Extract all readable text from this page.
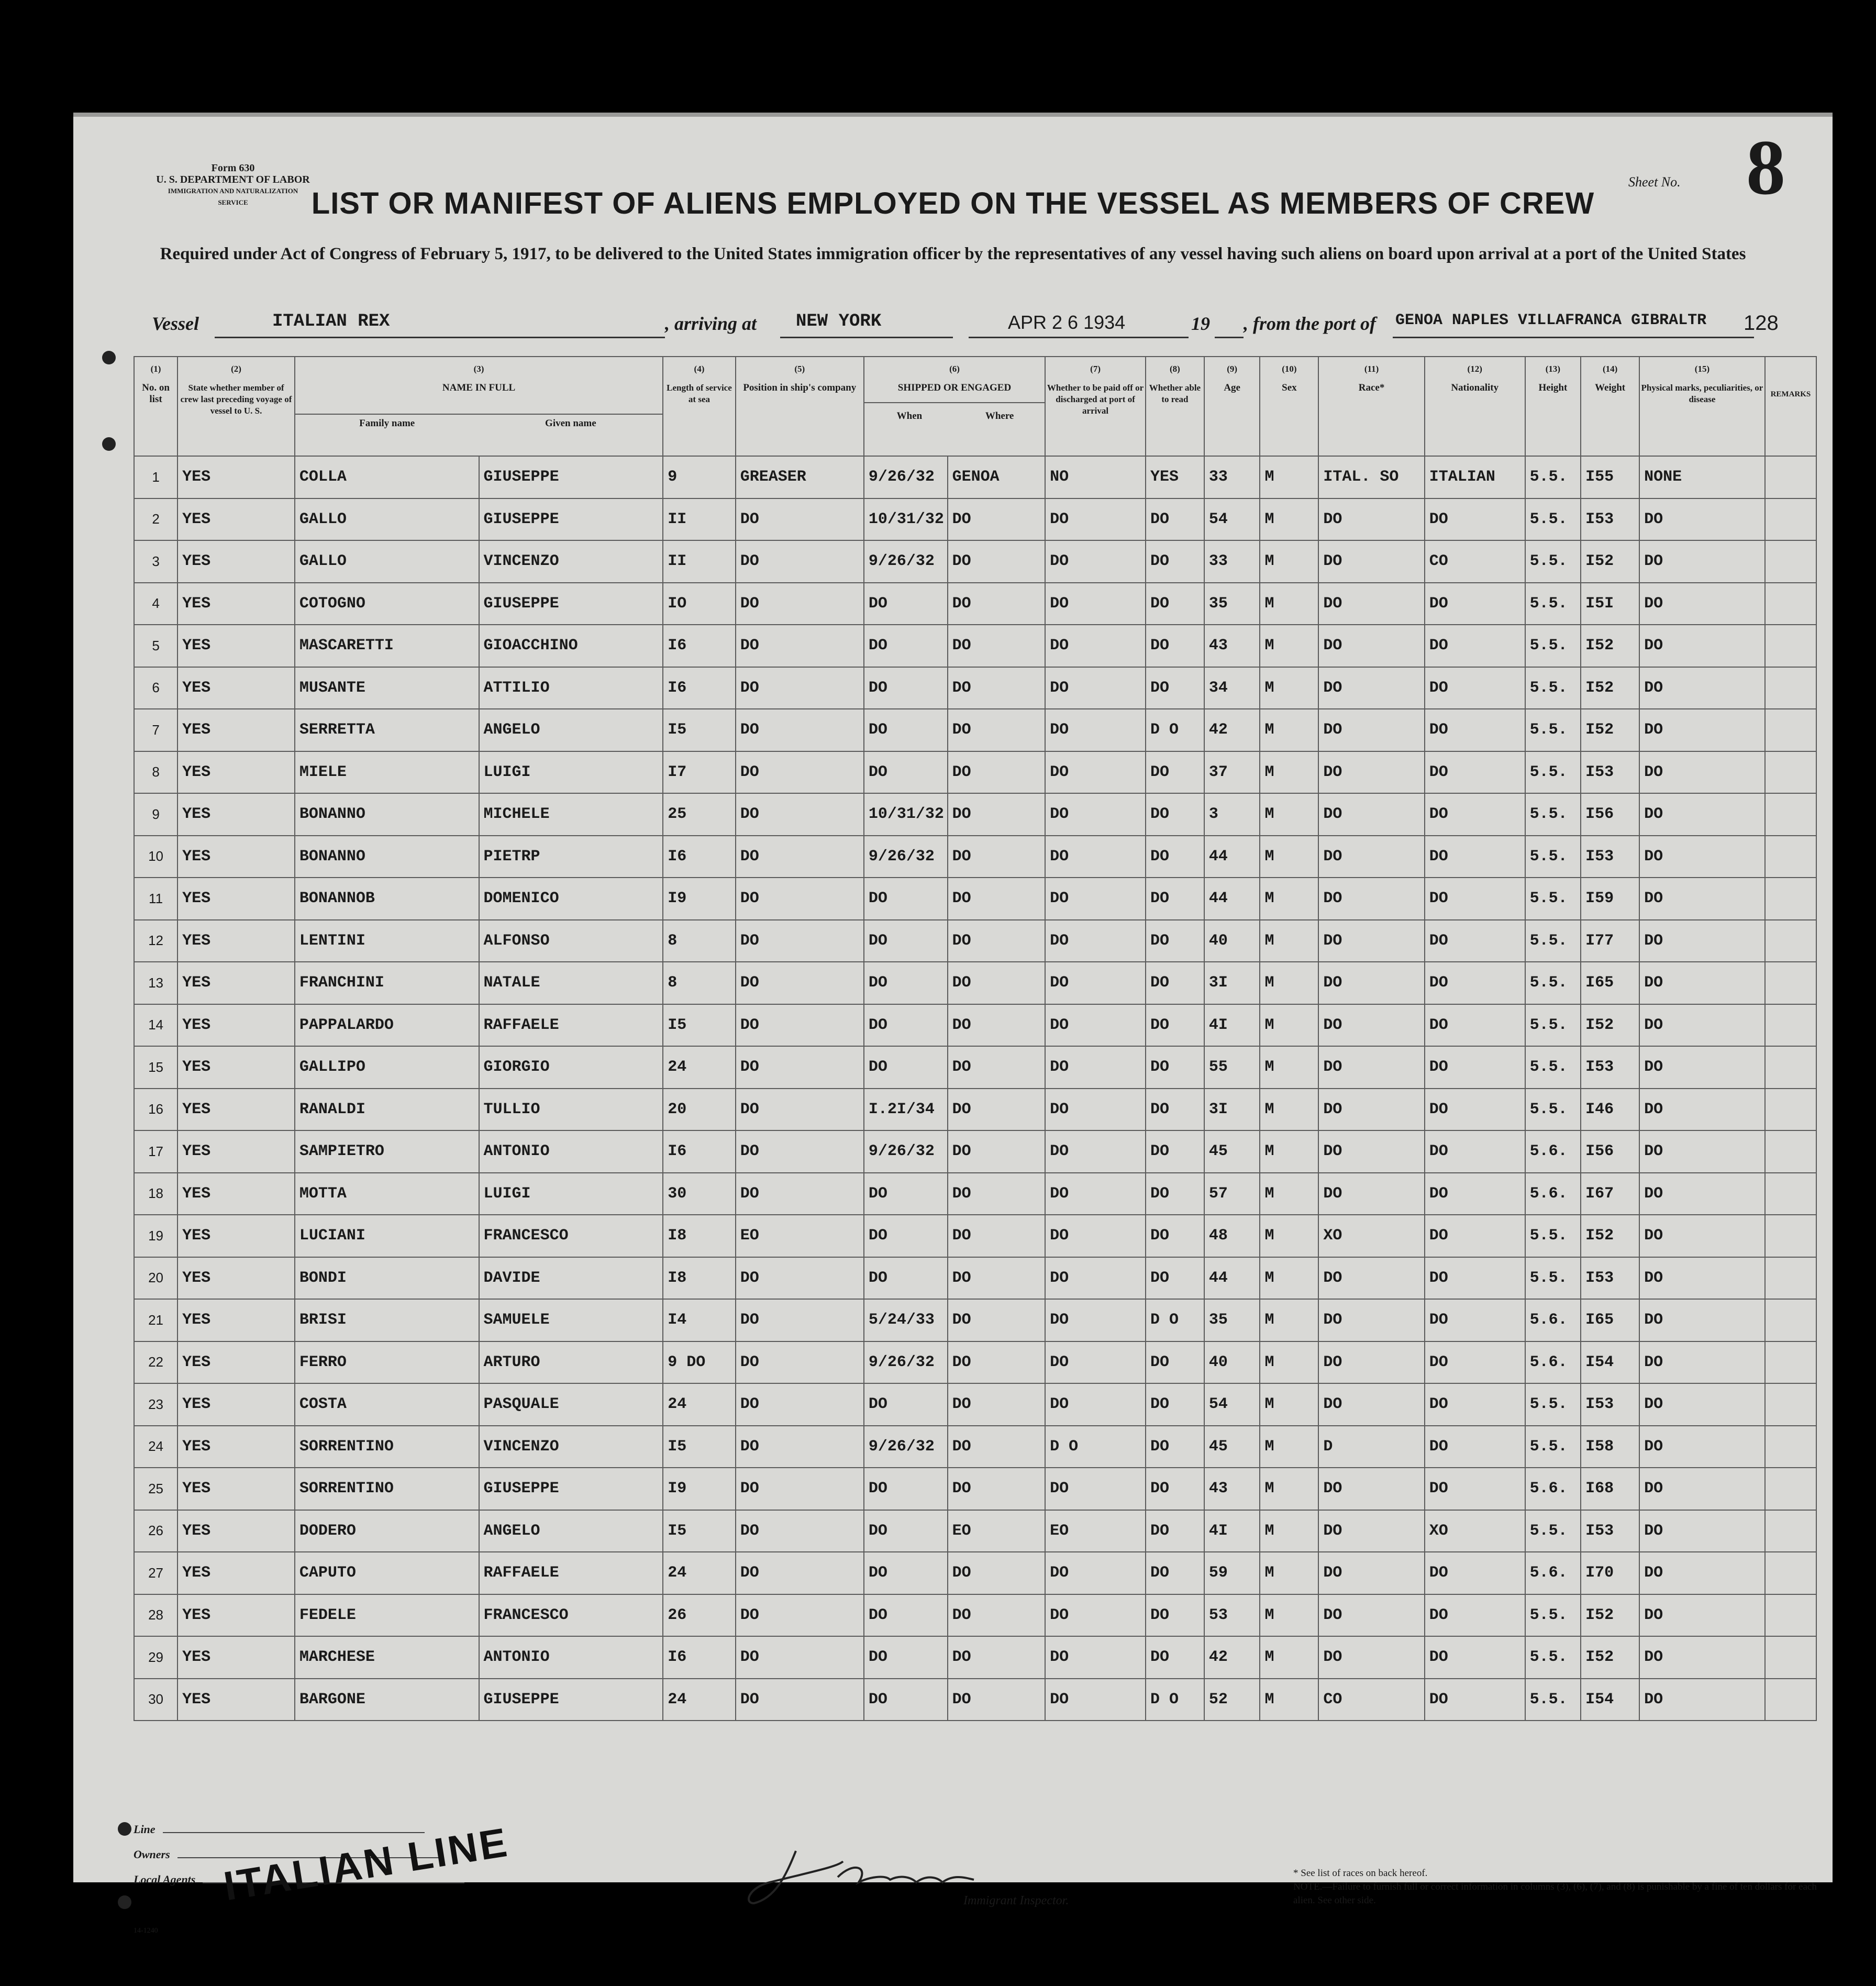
Form 630
U. S. DEPARTMENT OF LABOR
IMMIGRATION AND NATURALIZATION SERVICE
Sheet No. 8
LIST OR MANIFEST OF ALIENS EMPLOYED ON THE VESSEL AS MEMBERS OF CREW
Required under Act of Congress of February 5, 1917, to be delivered to the United States immigration officer by the representatives of any vessel having such aliens on board upon arrival at a port of the United States
Vessel	ITALIAN REX	, arriving at NEW YORK	APR 2 6 1934	19 , from the port of GENOA NAPLES VILLAFRANCA GIBRALTR 128
(1)
No. on list	(2)
State whether member of crew last preceding voyage of vessel to U. S.	(3)
NAME IN FULL
Family name Given name		(4)
Length of service at sea	(5)
Position in ship's company	(6)
SHIPPED OR ENGAGED
When Where		(7)
Whether to be paid off or discharged at port of arrival	(8)
Whether able to read	(9)
Age	(10)
Sex	(11)
Race*	(12)
Nationality	(13)
Height	(14)
Weight	(15)
Physical marks, peculiarities, or disease	REMARKS

1	YES	COLLA	GIUSEPPE	9	GREASER	9/26/32	GENOA	NO	YES	33	M	ITAL. SO	ITALIAN	5.5.	I55	NONE	
2	YES	GALLO	GIUSEPPE	II	DO	10/31/32	DO	DO	DO	54	M	DO	DO	5.5.	I53	DO	
3	YES	GALLO	VINCENZO	II	DO	9/26/32	DO	DO	DO	33	M	DO	CO	5.5.	I52	DO	
4	YES	COTOGNO	GIUSEPPE	IO	DO	DO	DO	DO	DO	35	M	DO	DO	5.5.	I5I	DO	
5	YES	MASCARETTI	GIOACCHINO	I6	DO	DO	DO	DO	DO	43	M	DO	DO	5.5.	I52	DO	
6	YES	MUSANTE	ATTILIO	I6	DO	DO	DO	DO	DO	34	M	DO	DO	5.5.	I52	DO	
7	YES	SERRETTA	ANGELO	I5	DO	DO	DO	DO	D O	42	M	DO	DO	5.5.	I52	DO	
8	YES	MIELE	LUIGI	I7	DO	DO	DO	DO	DO	37	M	DO	DO	5.5.	I53	DO	
9	YES	BONANNO	MICHELE	25	DO	10/31/32	DO	DO	DO	3	M	DO	DO	5.5.	I56	DO	
10	YES	BONANNO	PIETRP	I6	DO	9/26/32	DO	DO	DO	44	M	DO	DO	5.5.	I53	DO	
11	YES	BONANNOB	DOMENICO	I9	DO	DO	DO	DO	DO	44	M	DO	DO	5.5.	I59	DO	
12	YES	LENTINI	ALFONSO	8	DO	DO	DO	DO	DO	40	M	DO	DO	5.5.	I77	DO	
13	YES	FRANCHINI	NATALE	8	DO	DO	DO	DO	DO	3I	M	DO	DO	5.5.	I65	DO	
14	YES	PAPPALARDO	RAFFAELE	I5	DO	DO	DO	DO	DO	4I	M	DO	DO	5.5.	I52	DO	
15	YES	GALLIPO	GIORGIO	24	DO	DO	DO	DO	DO	55	M	DO	DO	5.5.	I53	DO	
16	YES	RANALDI	TULLIO	20	DO	I.2I/34	DO	DO	DO	3I	M	DO	DO	5.5.	I46	DO	
17	YES	SAMPIETRO	ANTONIO	I6	DO	9/26/32	DO	DO	DO	45	M	DO	DO	5.6.	I56	DO	
18	YES	MOTTA	LUIGI	30	DO	DO	DO	DO	DO	57	M	DO	DO	5.6.	I67	DO	
19	YES	LUCIANI	FRANCESCO	I8	EO	DO	DO	DO	DO	48	M	XO	DO	5.5.	I52	DO	
20	YES	BONDI	DAVIDE	I8	DO	DO	DO	DO	DO	44	M	DO	DO	5.5.	I53	DO	
21	YES	BRISI	SAMUELE	I4	DO	5/24/33	DO	DO	D O	35	M	DO	DO	5.6.	I65	DO	
22	YES	FERRO	ARTURO	9 DO	DO	9/26/32	DO	DO	DO	40	M	DO	DO	5.6.	I54	DO	
23	YES	COSTA	PASQUALE	24	DO	DO	DO	DO	DO	54	M	DO	DO	5.5.	I53	DO	
24	YES	SORRENTINO	VINCENZO	I5	DO	9/26/32	DO	D O	DO	45	M	D	DO	5.5.	I58	DO	
25	YES	SORRENTINO	GIUSEPPE	I9	DO	DO	DO	DO	DO	43	M	DO	DO	5.6.	I68	DO	
26	YES	DODERO	ANGELO	I5	DO	DO	EO	EO	DO	4I	M	DO	XO	5.5.	I53	DO	
27	YES	CAPUTO	RAFFAELE	24	DO	DO	DO	DO	DO	59	M	DO	DO	5.6.	I70	DO	
28	YES	FEDELE	FRANCESCO	26	DO	DO	DO	DO	DO	53	M	DO	DO	5.5.	I52	DO	
29	YES	MARCHESE	ANTONIO	I6	DO	DO	DO	DO	DO	42	M	DO	DO	5.5.	I52	DO	
30	YES	BARGONE	GIUSEPPE	24	DO	DO	DO	DO	D O	52	M	CO	DO	5.5.	I54	DO	
Line
Owners
Local Agents ITALIAN LINE	Immigrant Inspector.
* See list of races on back hereof.
NOTE.—Failure to furnish full or correct information in columns (3), (6), (7), and (8) is punishable by a fine of ten dollars for each alien. See other side.
14-1240
